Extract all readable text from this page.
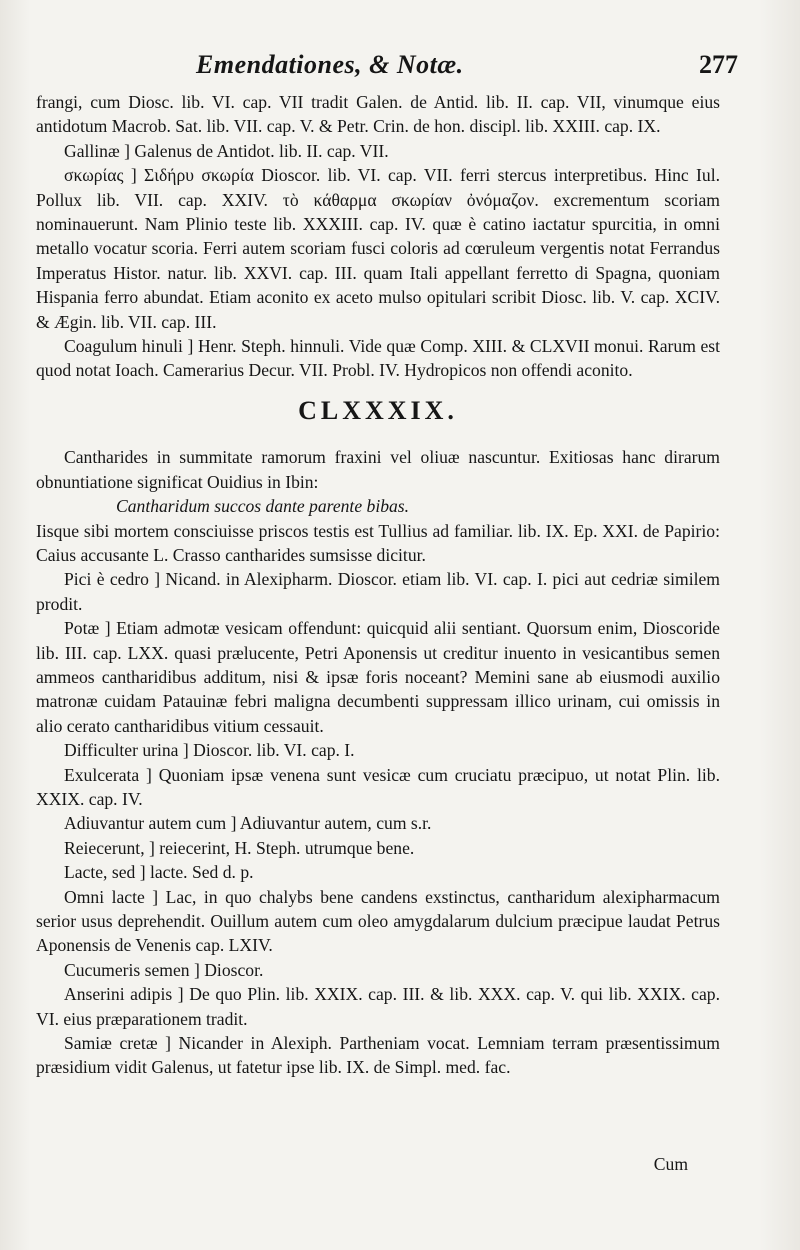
Emendationes, & Notæ.	277

frangi, cum Diosc. lib. VI. cap. VII tradit Galen. de Antid. lib. II. cap. VII, vinumque eius antidotum Macrob. Sat. lib. VII. cap. V. & Petr. Crin. de hon. discipl. lib. XXIII. cap. IX.

Gallinæ ] Galenus de Antidot. lib. II. cap. VII.

σκωρίας ] Σιδήρυ σκωρία Dioscor. lib. VI. cap. VII. ferri stercus interpretibus. Hinc Iul. Pollux lib. VII. cap. XXIV. τὸ κάθαρμα σκωρίαν ὀνόμαζον. excrementum scoriam nominauerunt. Nam Plinio teste lib. XXXIII. cap. IV. quæ è catino iactatur spurcitia, in omni metallo vocatur scoria. Ferri autem scoriam fusci coloris ad cœruleum vergentis notat Ferrandus Imperatus Histor. natur. lib. XXVI. cap. III. quam Itali appellant ferretto di Spagna, quoniam Hispania ferro abundat. Etiam aconito ex aceto mulso opitulari scribit Diosc. lib. V. cap. XCIV. & Ægin. lib. VII. cap. III.

Coagulum hinuli ] Henr. Steph. hinnuli. Vide quæ Comp. XIII. & CLXVII monui. Rarum est quod notat Ioach. Camerarius Decur. VII. Probl. IV. Hydropicos non offendi aconito.

CLXXXIX.

Cantharides in summitate ramorum fraxini vel oliuæ nascuntur. Exitiosas hanc dirarum obnuntiatione significat Ouidius in Ibin:

Cantharidum succos dante parente bibas.

Iisque sibi mortem consciuisse priscos testis est Tullius ad familiar. lib. IX. Ep. XXI. de Papirio: Caius accusante L. Crasso cantharides sumsisse dicitur.

Pici è cedro ] Nicand. in Alexipharm. Dioscor. etiam lib. VI. cap. I. pici aut cedriæ similem prodit.

Potæ ] Etiam admotæ vesicam offendunt: quicquid alii sentiant. Quorsum enim, Dioscoride lib. III. cap. LXX. quasi prælucente, Petri Aponensis ut creditur inuento in vesicantibus semen ammeos cantharidibus additum, nisi & ipsæ foris noceant? Memini sane ab eiusmodi auxilio matronæ cuidam Patauinæ febri maligna decumbenti suppressam illico urinam, cui omissis in alio cerato cantharidibus vitium cessauit.

Difficulter urina ] Dioscor. lib. VI. cap. I.

Exulcerata ] Quoniam ipsæ venena sunt vesicæ cum cruciatu præcipuo, ut notat Plin. lib. XXIX. cap. IV.

Adiuvantur autem cum ] Adiuvantur autem, cum s.r.

Reiecerunt, ] reiecerint, H. Steph. utrumque bene.

Lacte, sed ] lacte. Sed d. p.

Omni lacte ] Lac, in quo chalybs bene candens exstinctus, cantharidum alexipharmacum serior usus deprehendit. Ouillum autem cum oleo amygdalarum dulcium præcipue laudat Petrus Aponensis de Venenis cap. LXIV.

Cucumeris semen ] Dioscor.

Anserini adipis ] De quo Plin. lib. XXIX. cap. III. & lib. XXX. cap. V. qui lib. XXIX. cap. VI. eius præparationem tradit.

Samiæ cretæ ] Nicander in Alexiph. Partheniam vocat. Lemniam terram præsentissimum præsidium vidit Galenus, ut fatetur ipse lib. IX. de Simpl. med. fac.

Cum
